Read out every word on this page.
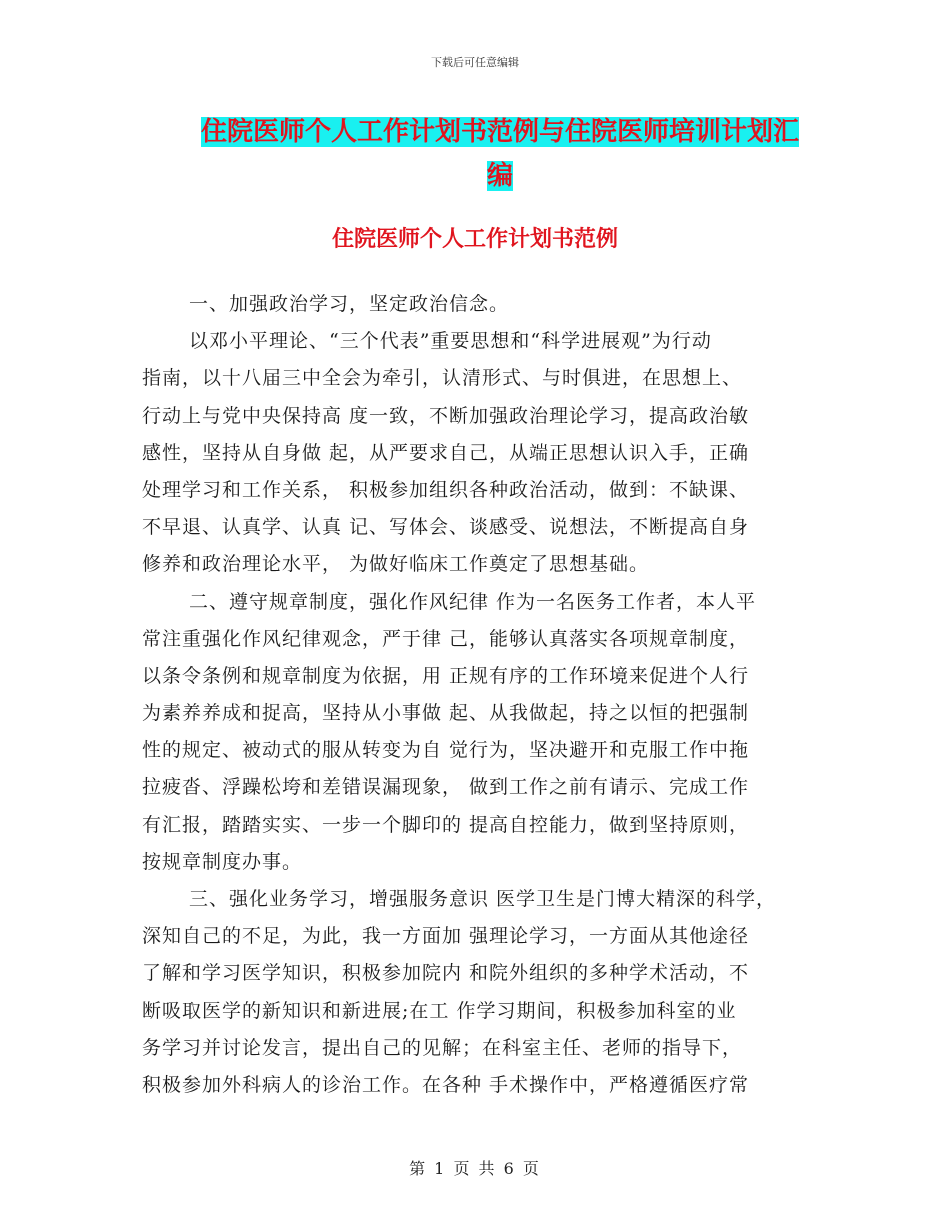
下载后可任意编辑
住院医师个人工作计划书范例与住院医师培训计划汇
编
住院医师个人工作计划书范例
一、加强政治学习，坚定政治信念。
以邓小平理论、“三个代表”重要思想和“科学进展观”为行动
指南，以十八届三中全会为牵引，认清形式、与时俱进，在思想上、
行动上与党中央保持高 度一致，不断加强政治理论学习，提高政治敏
感性，坚持从自身做 起，从严要求自己，从端正思想认识入手，正确
处理学习和工作关系， 积极参加组织各种政治活动，做到：不缺课、
不早退、认真学、认真 记、写体会、谈感受、说想法，不断提高自身
修养和政治理论水平， 为做好临床工作奠定了思想基础。
二、遵守规章制度，强化作风纪律 作为一名医务工作者，本人平
常注重强化作风纪律观念，严于律 己，能够认真落实各项规章制度，
以条令条例和规章制度为依据，用 正规有序的工作环境来促进个人行
为素养养成和捉高，坚持从小事做 起、从我做起，持之以恒的把强制
性的规定、被动式的服从转变为自 觉行为，坚决避开和克服工作中拖
拉疲沓、浮躁松垮和差错误漏现象， 做到工作之前有请示、完成工作
有汇报，踏踏实实、一步一个脚印的 提高自控能力，做到坚持原则，
按规章制度办事。
三、强化业务学习，增强服务意识 医学卫生是门博大精深的科学，
深知自己的不足，为此，我一方面加 强理论学习，一方面从其他途径
了解和学习医学知识，积极参加院内 和院外组织的多种学术活动，不
断吸取医学的新知识和新进展;在工 作学习期间，积极参加科室的业
务学习并讨论发言，提出自己的见解；在科室主任、老师的指导下，
积极参加外科病人的诊治工作。在各种 手术操作中，严格遵循医疗常
第 1 页 共 6 页
